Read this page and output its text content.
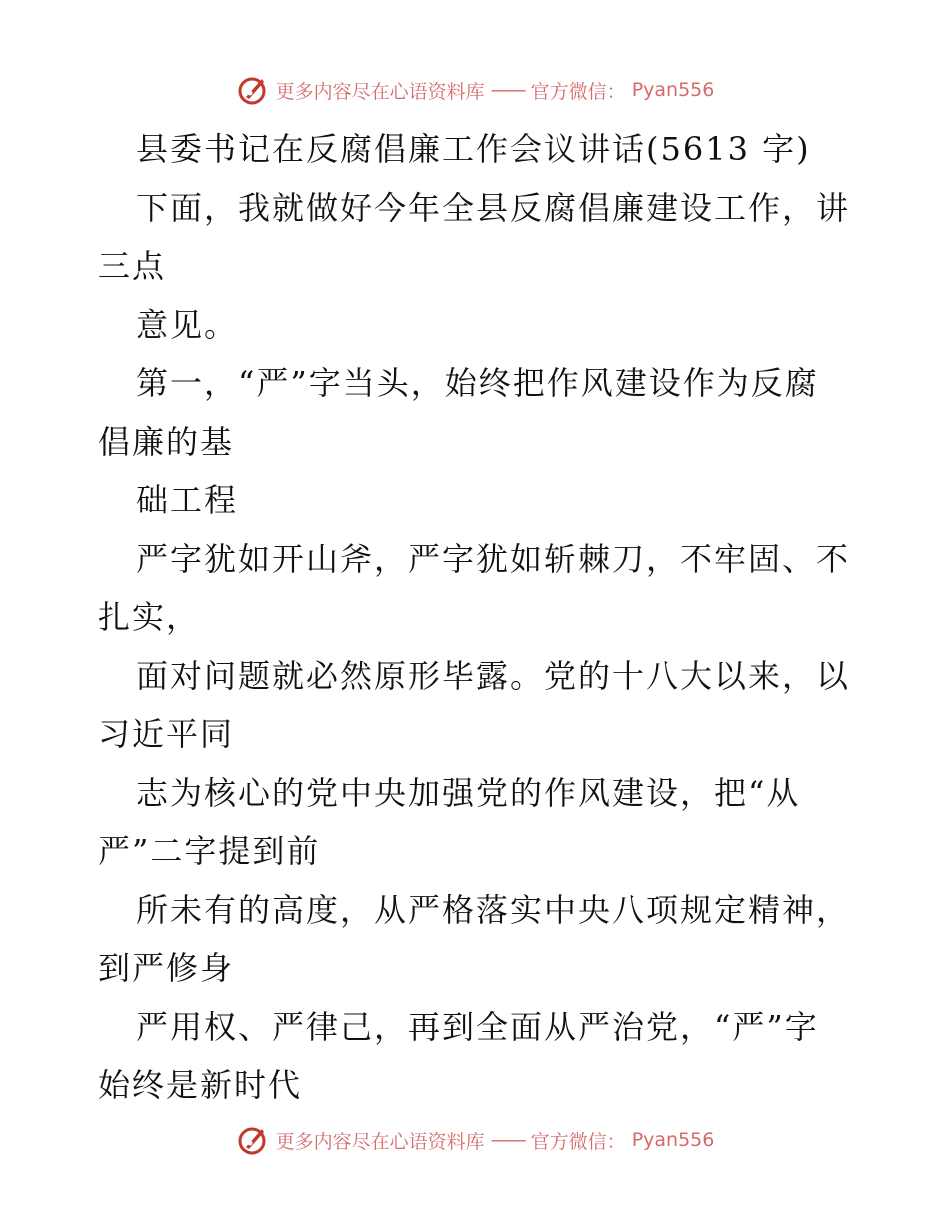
更多内容尽在心语资料库 —— 官方微信： Pyan556
县委书记在反腐倡廉工作会议讲话(5613 字)
下面，我就做好今年全县反腐倡廉建设工作，讲
三点
意见。
第一，“严”字当头，始终把作风建设作为反腐
倡廉的基
础工程
严字犹如开山斧，严字犹如斩棘刀，不牢固、不
扎实，
面对问题就必然原形毕露。党的十八大以来，以
习近平同
志为核心的党中央加强党的作风建设，把“从
严”二字提到前
所未有的高度，从严格落实中央八项规定精神，
到严修身
严用权、严律己，再到全面从严治党，“严”字
始终是新时代
更多内容尽在心语资料库 —— 官方微信： Pyan556
